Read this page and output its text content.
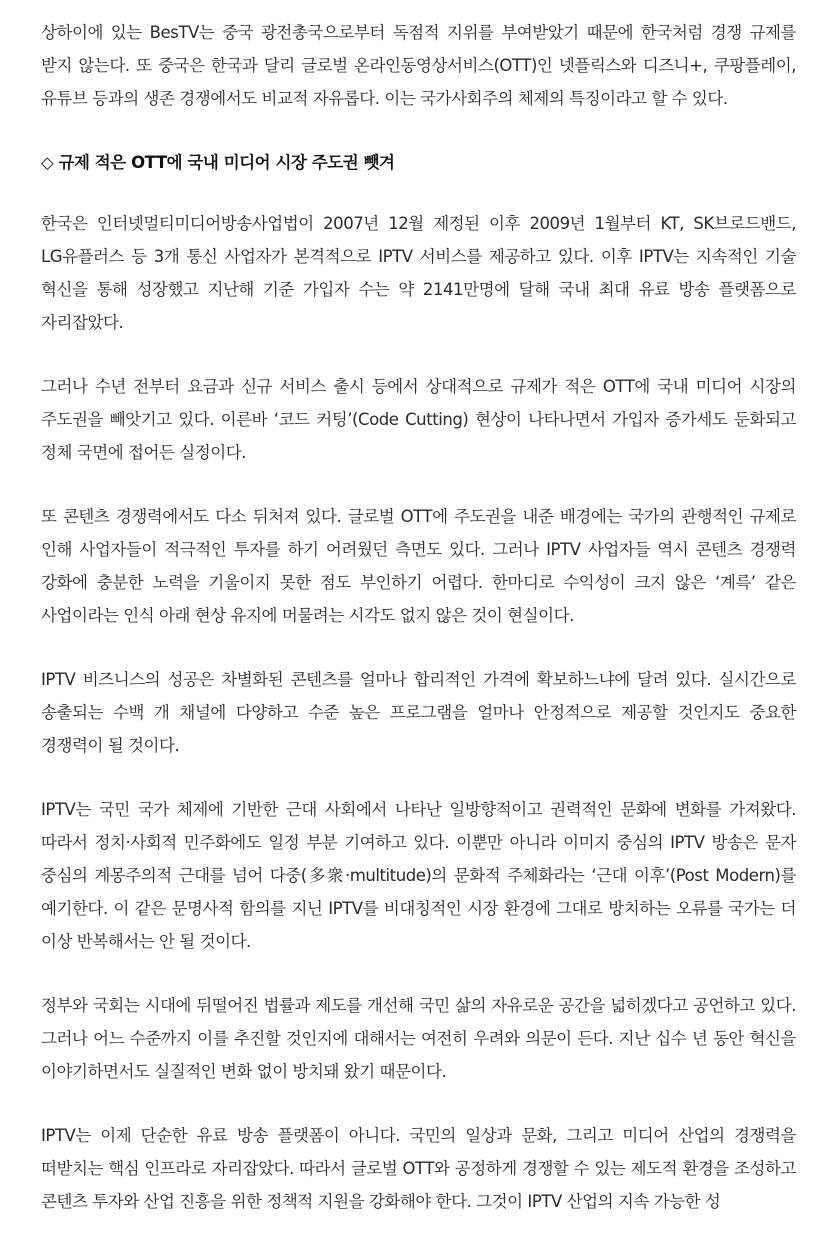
상하이에 있는 BesTV는 중국 광전총국으로부터 독점적 지위를 부여받았기 때문에 한국처럼 경쟁 규제를 받지 않는다. 또 중국은 한국과 달리 글로벌 온라인동영상서비스(OTT)인 넷플릭스와 디즈니+, 쿠팡플레이, 유튜브 등과의 생존 경쟁에서도 비교적 자유롭다. 이는 국가사회주의 체제의 특징이라고 할 수 있다.

◇ 규제 적은 OTT에 국내 미디어 시장 주도권 뺏겨

한국은 인터넷멀티미디어방송사업법이 2007년 12월 제정된 이후 2009년 1월부터 KT, SK브로드밴드, LG유플러스 등 3개 통신 사업자가 본격적으로 IPTV 서비스를 제공하고 있다. 이후 IPTV는 지속적인 기술 혁신을 통해 성장했고 지난해 기준 가입자 수는 약 2141만명에 달해 국내 최대 유료 방송 플랫폼으로 자리잡았다.

그러나 수년 전부터 요금과 신규 서비스 출시 등에서 상대적으로 규제가 적은 OTT에 국내 미디어 시장의 주도권을 빼앗기고 있다. 이른바 ‘코드 커팅’(Code Cutting) 현상이 나타나면서 가입자 증가세도 둔화되고 정체 국면에 접어든 실정이다.

또 콘텐츠 경쟁력에서도 다소 뒤처져 있다. 글로벌 OTT에 주도권을 내준 배경에는 국가의 관행적인 규제로 인해 사업자들이 적극적인 투자를 하기 어려웠던 측면도 있다. 그러나 IPTV 사업자들 역시 콘텐츠 경쟁력 강화에 충분한 노력을 기울이지 못한 점도 부인하기 어렵다. 한마디로 수익성이 크지 않은 ‘계륵’ 같은 사업이라는 인식 아래 현상 유지에 머물려는 시각도 없지 않은 것이 현실이다.

IPTV 비즈니스의 성공은 차별화된 콘텐츠를 얼마나 합리적인 가격에 확보하느냐에 달려 있다. 실시간으로 송출되는 수백 개 채널에 다양하고 수준 높은 프로그램을 얼마나 안정적으로 제공할 것인지도 중요한 경쟁력이 될 것이다.

IPTV는 국민 국가 체제에 기반한 근대 사회에서 나타난 일방향적이고 권력적인 문화에 변화를 가져왔다. 따라서 정치·사회적 민주화에도 일정 부분 기여하고 있다. 이뿐만 아니라 이미지 중심의 IPTV 방송은 문자 중심의 계몽주의적 근대를 넘어 다중(多衆·multitude)의 문화적 주체화라는 ‘근대 이후’(Post Modern)를 예기한다. 이 같은 문명사적 함의를 지닌 IPTV를 비대칭적인 시장 환경에 그대로 방치하는 오류를 국가는 더 이상 반복해서는 안 될 것이다.

정부와 국회는 시대에 뒤떨어진 법률과 제도를 개선해 국민 삶의 자유로운 공간을 넓히겠다고 공언하고 있다. 그러나 어느 수준까지 이를 추진할 것인지에 대해서는 여전히 우려와 의문이 든다. 지난 십수 년 동안 혁신을 이야기하면서도 실질적인 변화 없이 방치돼 왔기 때문이다.

IPTV는 이제 단순한 유료 방송 플랫폼이 아니다. 국민의 일상과 문화, 그리고 미디어 산업의 경쟁력을 떠받치는 핵심 인프라로 자리잡았다. 따라서 글로벌 OTT와 공정하게 경쟁할 수 있는 제도적 환경을 조성하고 콘텐츠 투자와 산업 진흥을 위한 정책적 지원을 강화해야 한다. 그것이 IPTV 산업의 지속 가능한 성
